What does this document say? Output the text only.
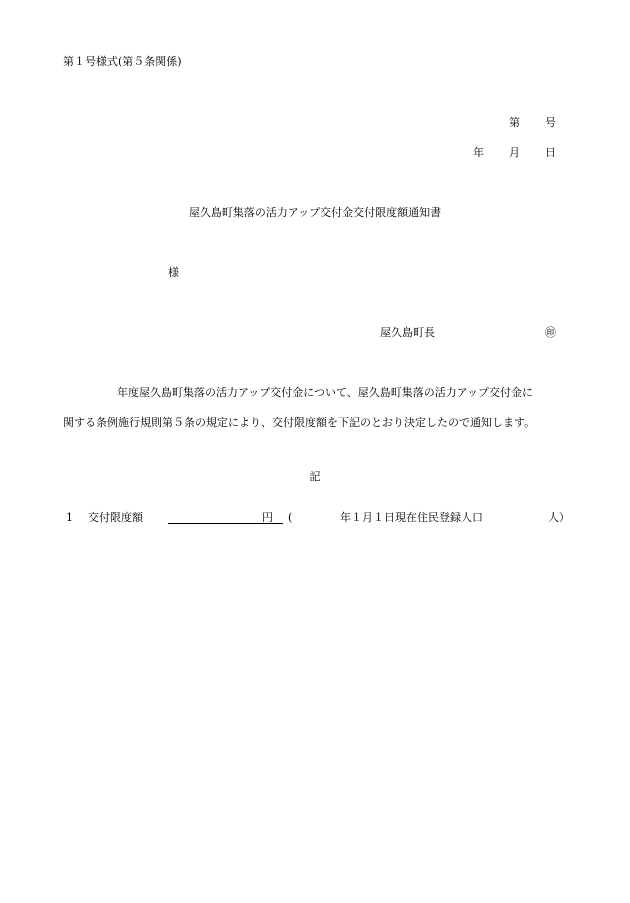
第１号様式(第５条関係)
第 号
年 月 日
屋久島町集落の活力アップ交付金交付限度額通知書
様
屋久島町長	㊞
年度屋久島町集落の活力アップ交付金について、屋久島町集落の活力アップ交付金に
関する条例施行規則第５条の規定により、交付限度額を下記のとおり決定したので通知します。
記
1 交付限度額	円 (	年１月１日現在住民登録人口	人）
